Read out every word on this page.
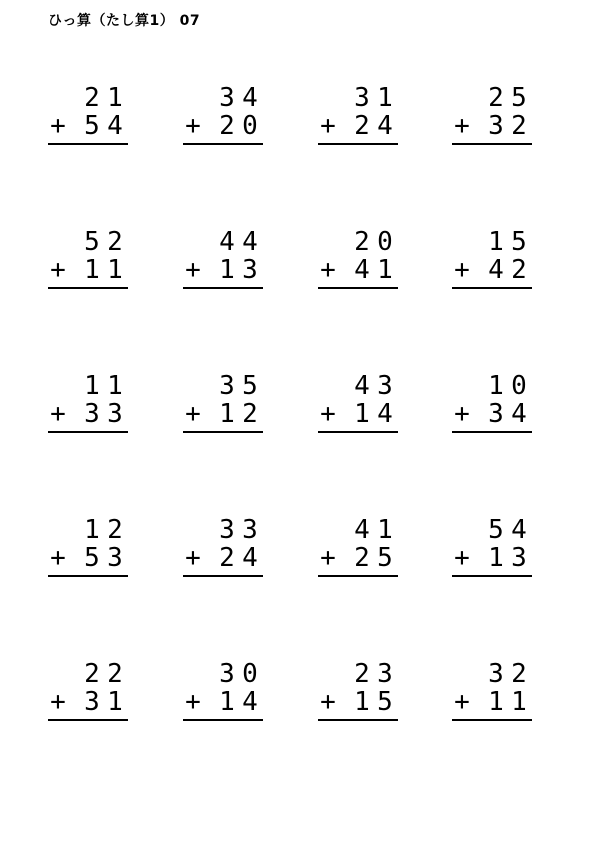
ひっ算（たし算1） 07
2 1
+ 5 4
3 4
+ 2 0
3 1
+ 2 4
2 5
+ 3 2
5 2
+ 1 1
4 4
+ 1 3
2 0
+ 4 1
1 5
+ 4 2
1 1
+ 3 3
3 5
+ 1 2
4 3
+ 1 4
1 0
+ 3 4
1 2
+ 5 3
3 3
+ 2 4
4 1
+ 2 5
5 4
+ 1 3
2 2
+ 3 1
3 0
+ 1 4
2 3
+ 1 5
3 2
+ 1 1
